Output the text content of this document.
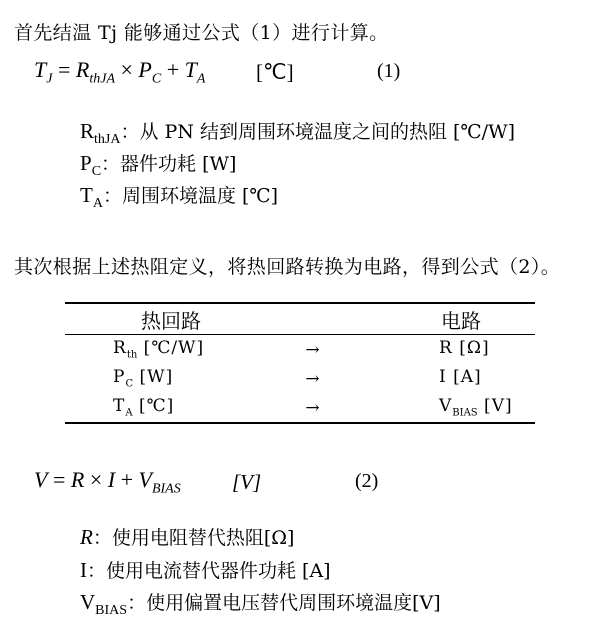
首先结温 Tj 能够通过公式（1）进行计算。
$T_J = R_{thJA} \times P_C + T_A$ [℃]	(1)
$R_{thJA}$：从 PN 结到周围环境温度之间的热阻 [℃/W]
$P_C$：器件功耗 [W]
$T_A$：周围环境温度 [℃]
其次根据上述热阻定义，将热回路转换为电路，得到公式（2）。
热回路		电路
$R_{th}$ [℃/W]	→	R [Ω]
$P_C$ [W]	→	I [A]
$T_A$ [℃]	→	$V_{BIAS}$ [V]
$V = R \times I + V_{BIAS}$ [V]	(2)
R：使用电阻替代热阻[Ω]
I：使用电流替代器件功耗 [A]
$V_{BIAS}$：使用偏置电压替代周围环境温度[V]
